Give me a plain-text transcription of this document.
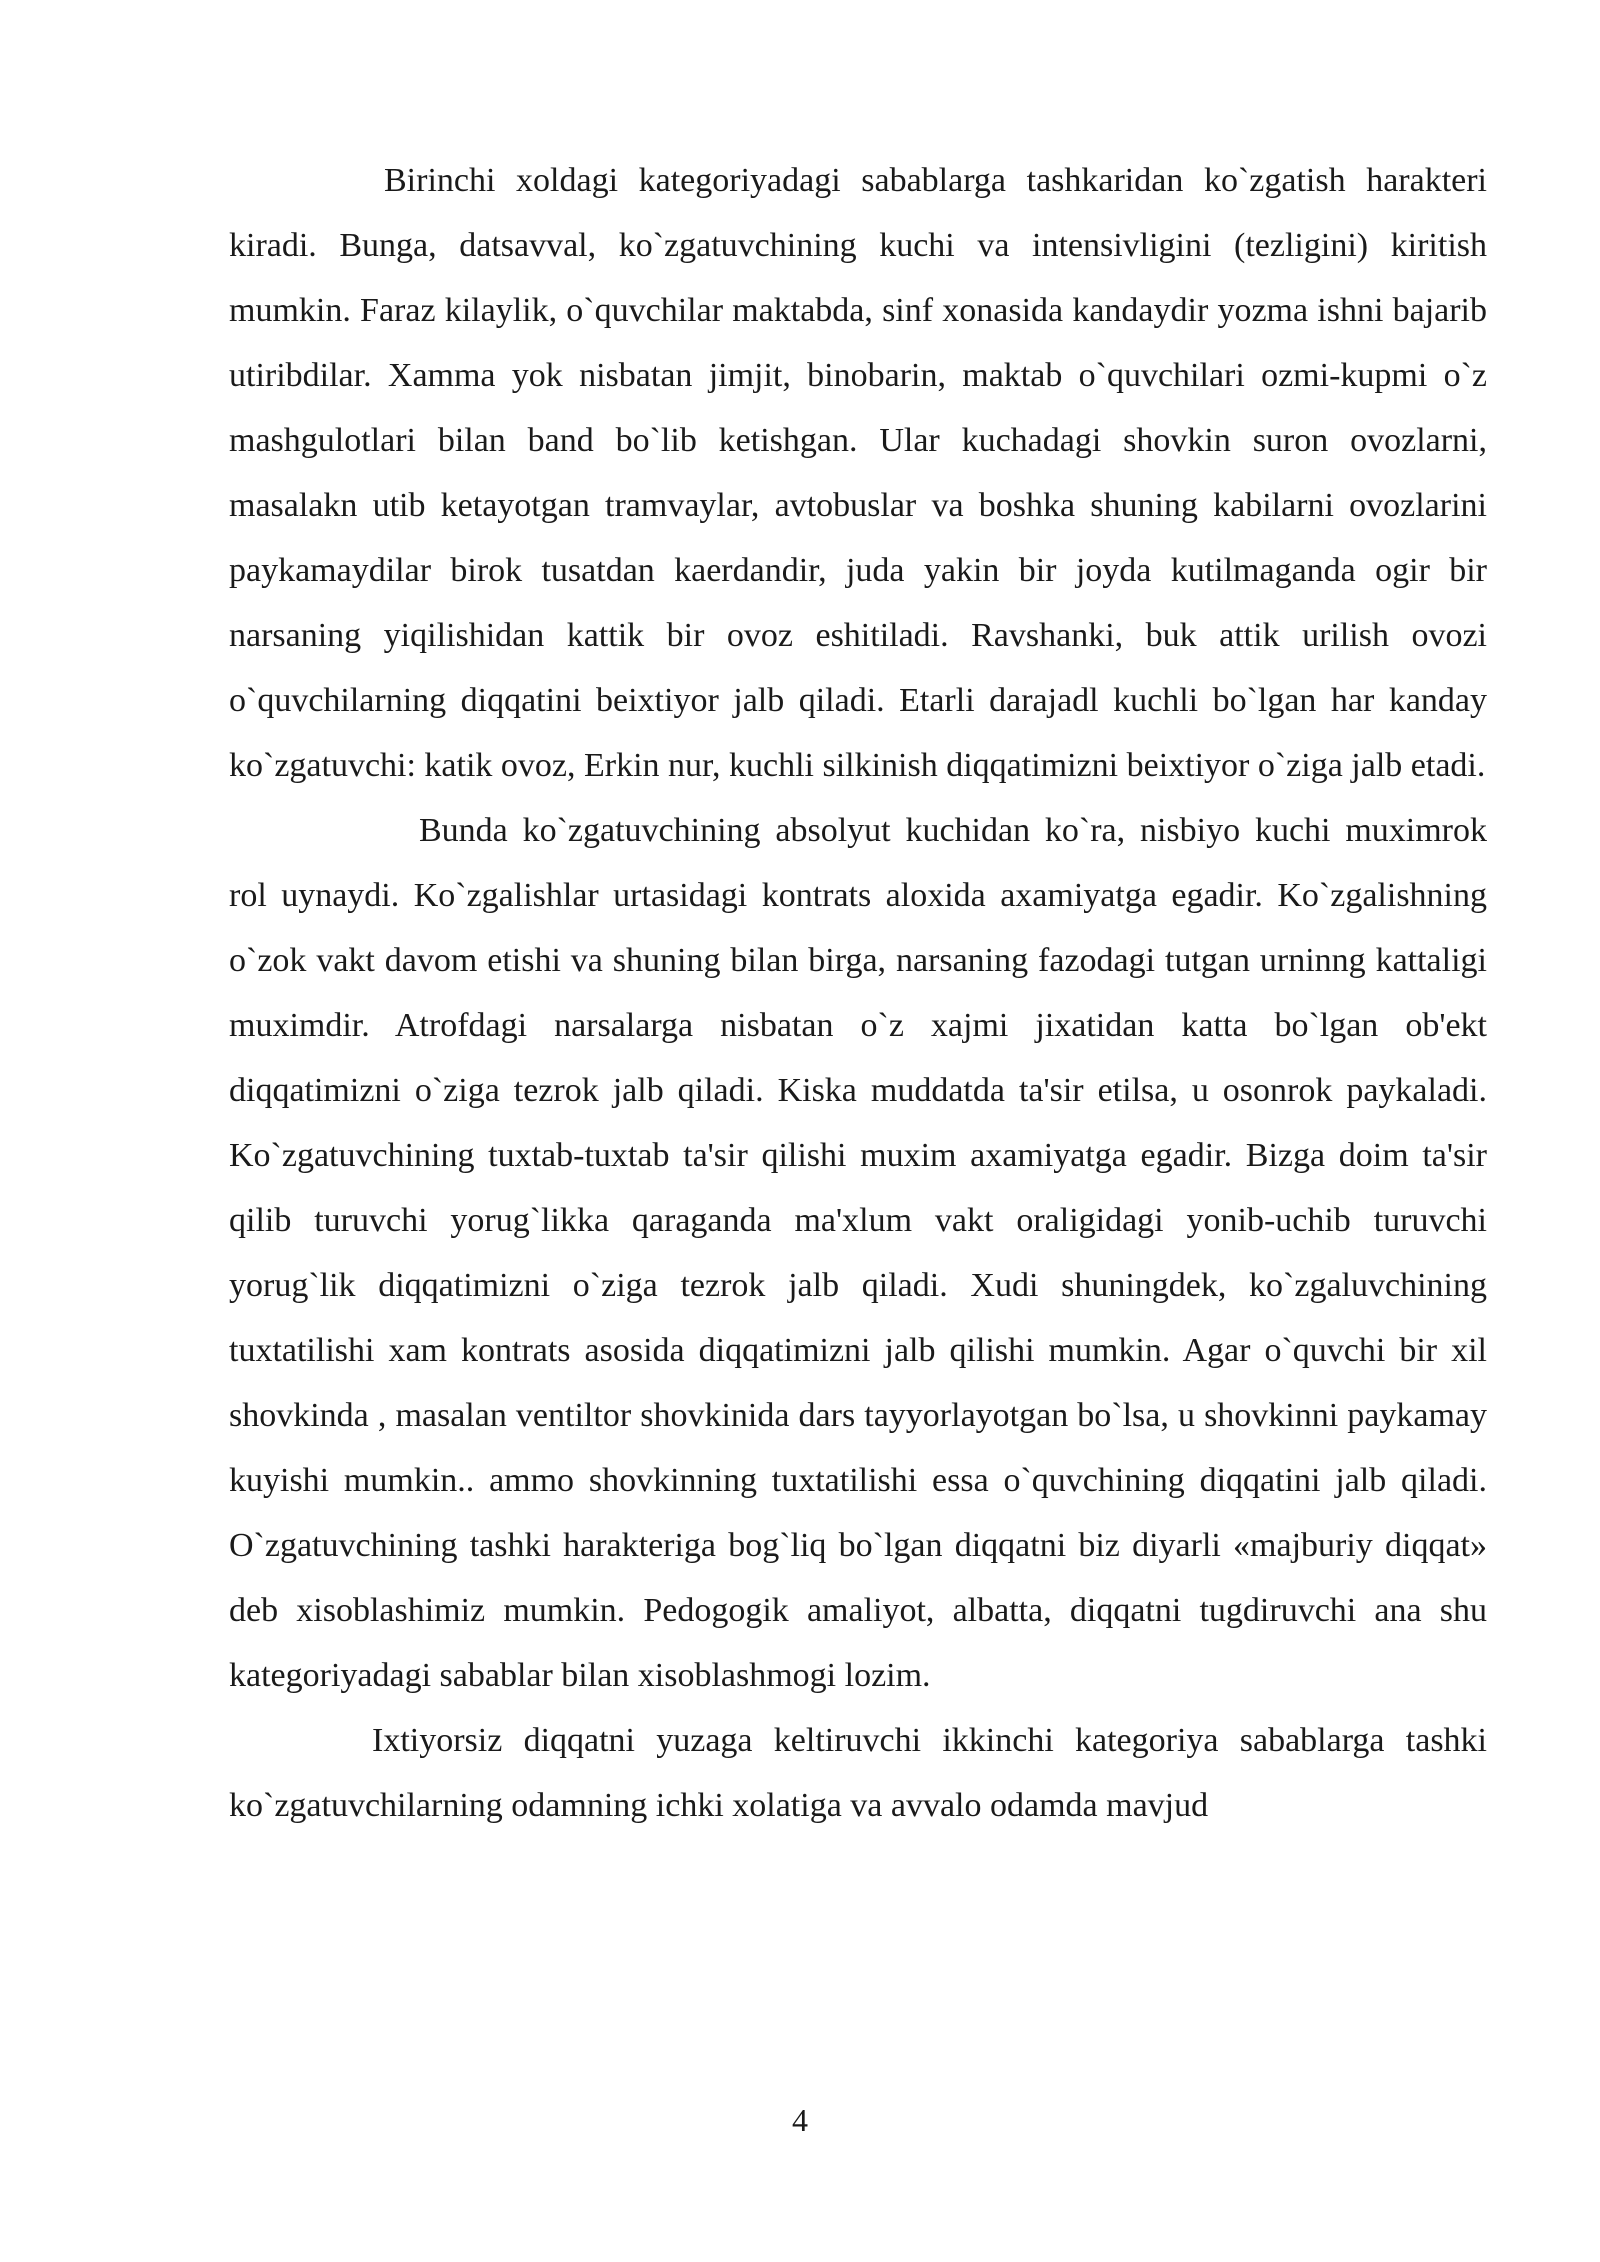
Birinchi xoldagi kategoriyadagi sabablarga tashkaridan ko`zgatish harakteri kiradi. Bunga, datsavval, ko`zgatuvchining kuchi va intensivligini (tezligini) kiritish mumkin. Faraz kilaylik, o`quvchilar maktabda, sinf xonasida kandaydir yozma ishni bajarib utiribdilar. Xamma yok nisbatan jimjit, binobarin, maktab o`quvchilari ozmi-kupmi o`z mashgulotlari bilan band bo`lib ketishgan. Ular kuchadagi shovkin suron ovozlarni, masalakn utib ketayotgan tramvaylar, avtobuslar va boshka shuning kabilarni ovozlarini paykamaydilar birok tusatdan kaerdandir, juda yakin bir joyda kutilmaganda ogir bir narsaning yiqilishidan kattik bir ovoz eshitiladi. Ravshanki, buk attik urilish ovozi o`quvchilarning diqqatini beixtiyor jalb qiladi. Etarli darajadl kuchli bo`lgan har kanday ko`zgatuvchi: katik ovoz, Erkin nur, kuchli silkinish diqqatimizni beixtiyor o`ziga jalb etadi.

Bunda ko`zgatuvchining absolyut kuchidan ko`ra, nisbiyo kuchi muximrok rol uynaydi. Ko`zgalishlar urtasidagi kontrats aloxida axamiyatga egadir. Ko`zgalishning o`zok vakt davom etishi va shuning bilan birga, narsaning fazodagi tutgan urninng kattaligi muximdir. Atrofdagi narsalarga nisbatan o`z xajmi jixatidan katta bo`lgan ob'ekt diqqatimizni o`ziga tezrok jalb qiladi. Kiska muddatda ta'sir etilsa, u osonrok paykaladi. Ko`zgatuvchining tuxtab-tuxtab ta'sir qilishi muxim axamiyatga egadir. Bizga doim ta'sir qilib turuvchi yorug`likka qaraganda ma'xlum vakt oraligidagi yonib-uchib turuvchi yorug`lik diqqatimizni o`ziga tezrok jalb qiladi. Xudi shuningdek, ko`zgaluvchining tuxtatilishi xam kontrats asosida diqqatimizni jalb qilishi mumkin. Agar o`quvchi bir xil shovkinda , masalan ventiltor shovkinida dars tayyorlayotgan bo`lsa, u shovkinni paykamay kuyishi mumkin.. ammo shovkinning tuxtatilishi essa o`quvchining diqqatini jalb qiladi. O`zgatuvchining tashki harakteriga bog`liq bo`lgan diqqatni biz diyarli «majburiy diqqat» deb xisoblashimiz mumkin. Pedogogik amaliyot, albatta, diqqatni tugdiruvchi ana shu kategoriyadagi sabablar bilan xisoblashmogi lozim.

Ixtiyorsiz diqqatni yuzaga keltiruvchi ikkinchi kategoriya sabablarga tashki ko`zgatuvchilarning odamning ichki xolatiga va avvalo odamda mavjud

4
